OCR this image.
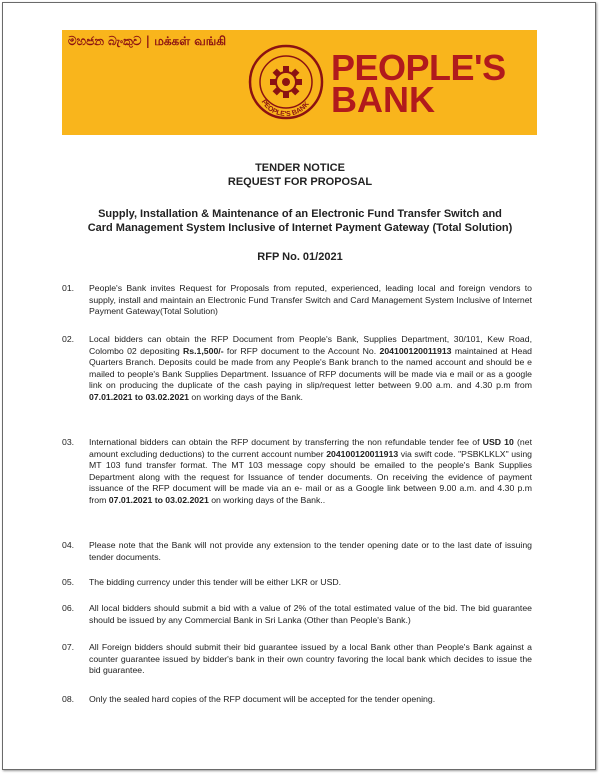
මහජන බැංකුව | மக்கள் வங்கி
PEOPLE'S BANK
PEOPLE'S
BANK
TENDER NOTICE
REQUEST FOR PROPOSAL
Supply, Installation & Maintenance of an Electronic Fund Transfer Switch and
Card Management System Inclusive of Internet Payment Gateway (Total Solution)
RFP No. 01/2021
01. People's Bank invites Request for Proposals from reputed, experienced, leading local and foreign vendors to supply, install and maintain an Electronic Fund Transfer Switch and Card Management System Inclusive of Internet Payment Gateway(Total Solution)
02. Local bidders can obtain the RFP Document from People's Bank, Supplies Department, 30/101, Kew Road, Colombo 02 depositing Rs.1,500/- for RFP document to the Account No. 204100120011913 maintained at Head Quarters Branch. Deposits could be made from any People's Bank branch to the named account and should be e mailed to people's Bank Supplies Department. Issuance of RFP documents will be made via e mail or as a google link on producing the duplicate of the cash paying in slip/request letter between 9.00 a.m. and 4.30 p.m from 07.01.2021 to 03.02.2021 on working days of the Bank.
03. International bidders can obtain the RFP document by transferring the non refundable tender fee of USD 10 (net amount excluding deductions) to the current account number 204100120011913 via swift code. "PSBKLKLX" using MT 103 fund transfer format. The MT 103 message copy should be emailed to the people's Bank Supplies Department along with the request for Issuance of tender documents. On receiving the evidence of payment issuance of the RFP document will be made via an e- mail or as a Google link between 9.00 a.m. and 4.30 p.m from 07.01.2021 to 03.02.2021 on working days of the Bank..
04. Please note that the Bank will not provide any extension to the tender opening date or to the last date of issuing tender documents.
05. The bidding currency under this tender will be either LKR or USD.
06. All local bidders should submit a bid with a value of 2% of the total estimated value of the bid. The bid guarantee should be issued by any Commercial Bank in Sri Lanka (Other than People's Bank.)
07. All Foreign bidders should submit their bid guarantee issued by a local Bank other than People's Bank against a counter guarantee issued by bidder's bank in their own country favoring the local bank which decides to issue the bid guarantee.
08. Only the sealed hard copies of the RFP document will be accepted for the tender opening.
